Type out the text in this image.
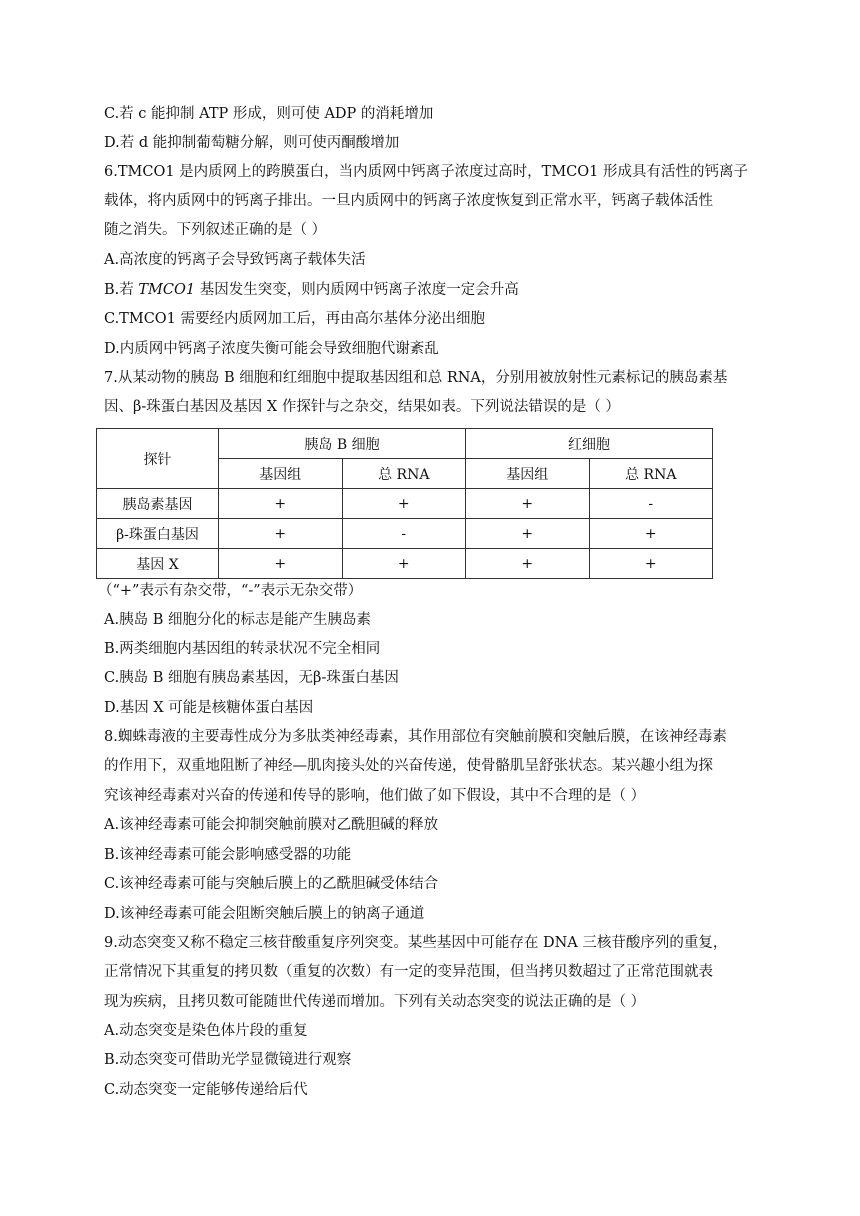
C.若 c 能抑制 ATP 形成，则可使 ADP 的消耗增加
D.若 d 能抑制葡萄糖分解，则可使丙酮酸增加
6.TMCO1 是内质网上的跨膜蛋白，当内质网中钙离子浓度过高时，TMCO1 形成具有活性的钙离子
载体，将内质网中的钙离子排出。一旦内质网中的钙离子浓度恢复到正常水平，钙离子载体活性
随之消失。下列叙述正确的是（ ）
A.高浓度的钙离子会导致钙离子载体失活
B.若 TMCO1 基因发生突变，则内质网中钙离子浓度一定会升高
C.TMCO1 需要经内质网加工后，再由高尔基体分泌出细胞
D.内质网中钙离子浓度失衡可能会导致细胞代谢紊乱
7.从某动物的胰岛 B 细胞和红细胞中提取基因组和总 RNA，分别用被放射性元素标记的胰岛素基
因、β-珠蛋白基因及基因 X 作探针与之杂交，结果如表。下列说法错误的是（ ）
探针	胰岛 B 细胞		红细胞	
	基因组	总 RNA	基因组	总 RNA
胰岛素基因	+	+	+	-
β-珠蛋白基因	+	-	+	+
基因 X	+	+	+	+
（“+”表示有杂交带，“-”表示无杂交带）
A.胰岛 B 细胞分化的标志是能产生胰岛素
B.两类细胞内基因组的转录状况不完全相同
C.胰岛 B 细胞有胰岛素基因，无β-珠蛋白基因
D.基因 X 可能是核糖体蛋白基因
8.蜘蛛毒液的主要毒性成分为多肽类神经毒素，其作用部位有突触前膜和突触后膜，在该神经毒素
的作用下，双重地阻断了神经—肌肉接头处的兴奋传递，使骨骼肌呈舒张状态。某兴趣小组为探
究该神经毒素对兴奋的传递和传导的影响，他们做了如下假设，其中不合理的是（ ）
A.该神经毒素可能会抑制突触前膜对乙酰胆碱的释放
B.该神经毒素可能会影响感受器的功能
C.该神经毒素可能与突触后膜上的乙酰胆碱受体结合
D.该神经毒素可能会阻断突触后膜上的钠离子通道
9.动态突变又称不稳定三核苷酸重复序列突变。某些基因中可能存在 DNA 三核苷酸序列的重复，
正常情况下其重复的拷贝数（重复的次数）有一定的变异范围，但当拷贝数超过了正常范围就表
现为疾病，且拷贝数可能随世代传递而增加。下列有关动态突变的说法正确的是（ ）
A.动态突变是染色体片段的重复
B.动态突变可借助光学显微镜进行观察
C.动态突变一定能够传递给后代
